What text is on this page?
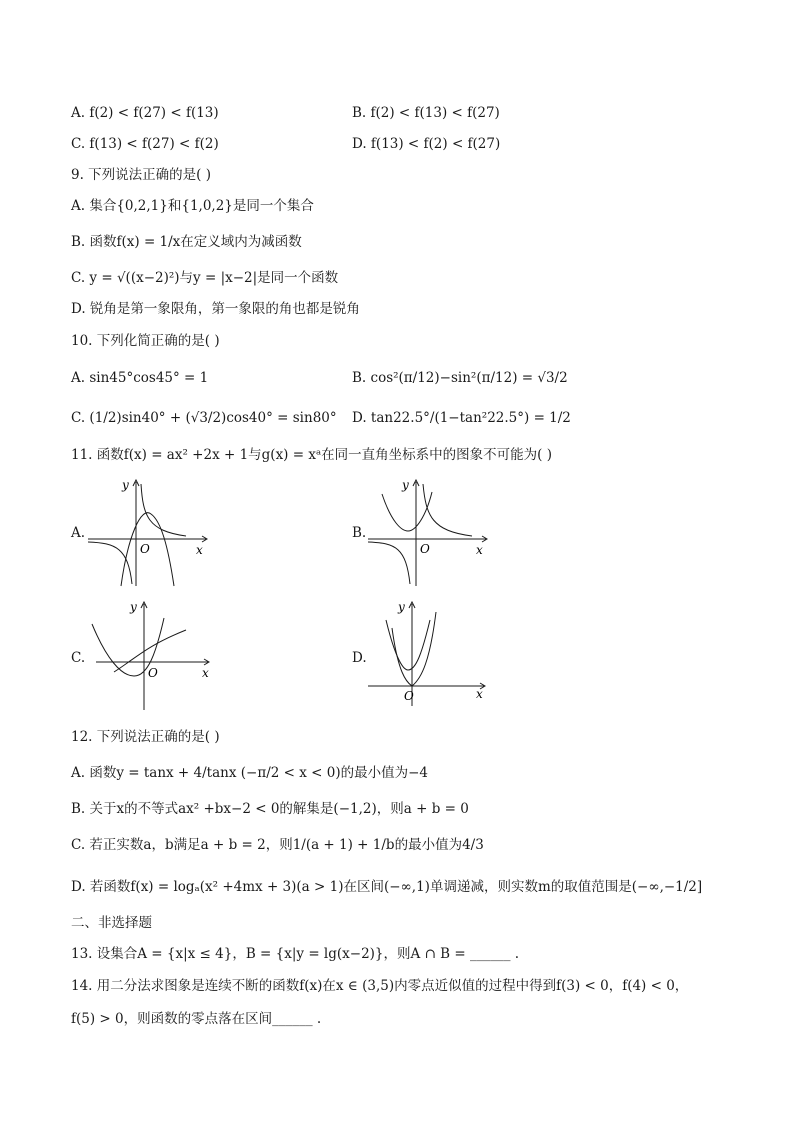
A. f(2) < f(27) < f(13)	B. f(2) < f(13) < f(27)
C. f(13) < f(27) < f(2)	D. f(13) < f(2) < f(27)
9. 下列说法正确的是( )
A. 集合{0,2,1}和{1,0,2}是同一个集合
B. 函数f(x) = 1/x在定义域内为减函数
C. y = √((x−2)²)与y = |x−2|是同一个函数
D. 锐角是第一象限角，第一象限的角也都是锐角
10. 下列化简正确的是( )
A. sin45°cos45° = 1	B. cos²(π/12)−sin²(π/12) = √3/2
C. (1/2)sin40° + (√3/2)cos40° = sin80° D. tan22.5°/(1−tan²22.5°) = 1/2
11. 函数f(x) = ax² +2x + 1与g(x) = xᵃ在同一直角坐标系中的图象不可能为( )
A.	B.
C.	D.
y
x
O
y
x
O
y
x
O
y
x
O
12. 下列说法正确的是( )
A. 函数y = tanx + 4/tanx (−π/2 < x < 0)的最小值为−4
B. 关于x的不等式ax² +bx−2 < 0的解集是(−1,2)，则a + b = 0
C. 若正实数a，b满足a + b = 2，则1/(a + 1) + 1/b的最小值为4/3
D. 若函数f(x) = logₐ(x² +4mx + 3)(a > 1)在区间(−∞,1)单调递减，则实数m的取值范围是(−∞,−1/2]
二、非选择题
13. 设集合A = {x|x ≤ 4}，B = {x|y = lg(x−2)}，则A ∩ B = ______ .
14. 用二分法求图象是连续不断的函数f(x)在x ∈ (3,5)内零点近似值的过程中得到f(3) < 0，f(4) < 0，
f(5) > 0，则函数的零点落在区间______ .
